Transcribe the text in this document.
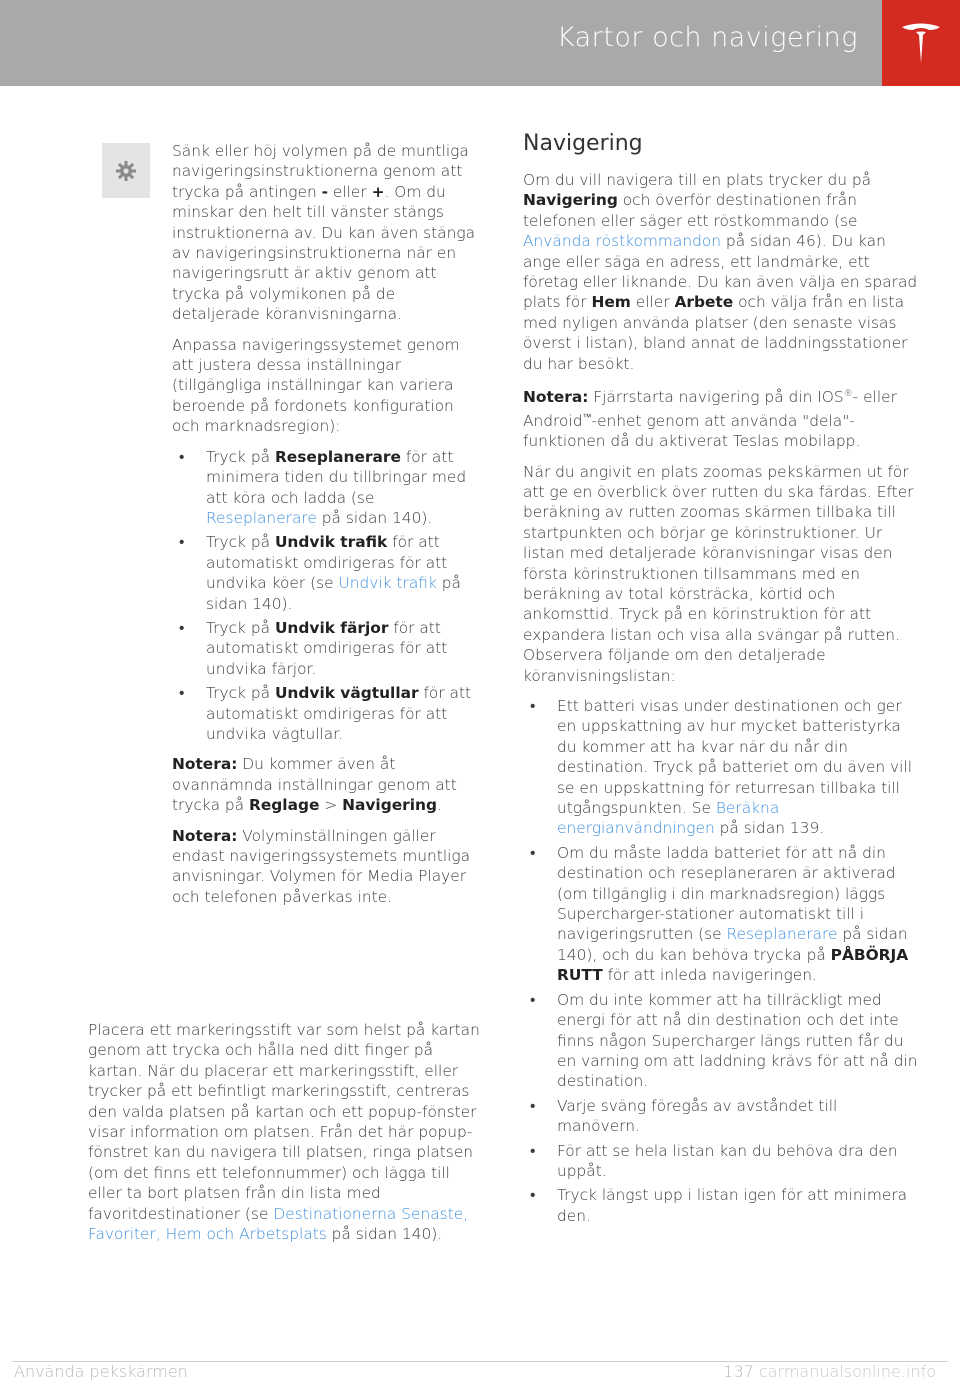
Kartor och navigering

Sänk eller höj volymen på de muntliga navigeringsinstruktionerna genom att trycka på antingen - eller +. Om du minskar den helt till vänster stängs instruktionerna av. Du kan även stänga av navigeringsinstruktionerna när en navigeringsrutt är aktiv genom att trycka på volymikonen på de detaljerade köranvisningarna.

Anpassa navigeringssystemet genom att justera dessa inställningar (tillgängliga inställningar kan variera beroende på fordonets konfiguration och marknadsregion):

• Tryck på Reseplanerare för att minimera tiden du tillbringar med att köra och ladda (se Reseplanerare på sidan 140).
• Tryck på Undvik trafik för att automatiskt omdirigeras för att undvika köer (se Undvik trafik på sidan 140).
• Tryck på Undvik färjor för att automatiskt omdirigeras för att undvika färjor.
• Tryck på Undvik vägtullar för att automatiskt omdirigeras för att undvika vägtullar.

Notera: Du kommer även åt ovannämnda inställningar genom att trycka på Reglage > Navigering.

Notera: Volyminställningen gäller endast navigeringssystemets muntliga anvisningar. Volymen för Media Player och telefonen påverkas inte.

Placera ett markeringsstift var som helst på kartan genom att trycka och hålla ned ditt finger på kartan. När du placerar ett markeringsstift, eller trycker på ett befintligt markeringsstift, centreras den valda platsen på kartan och ett popup-fönster visar information om platsen. Från det här popup-fönstret kan du navigera till platsen, ringa platsen (om det finns ett telefonnummer) och lägga till eller ta bort platsen från din lista med favoritdestinationer (se Destinationerna Senaste, Favoriter, Hem och Arbetsplats på sidan 140).

Navigering

Om du vill navigera till en plats trycker du på Navigering och överför destinationen från telefonen eller säger ett röstkommando (se Använda röstkommandon på sidan 46). Du kan ange eller säga en adress, ett landmärke, ett företag eller liknande. Du kan även välja en sparad plats för Hem eller Arbete och välja från en lista med nyligen använda platser (den senaste visas överst i listan), bland annat de laddningsstationer du har besökt.

Notera: Fjärrstarta navigering på din IOS®- eller Android™-enhet genom att använda "dela"-funktionen då du aktiverat Teslas mobilapp.

När du angivit en plats zoomas pekskärmen ut för att ge en överblick över rutten du ska färdas. Efter beräkning av rutten zoomas skärmen tillbaka till startpunkten och börjar ge körinstruktioner. Ur listan med detaljerade köranvisningar visas den första körinstruktionen tillsammans med en beräkning av total körsträcka, körtid och ankomsttid. Tryck på en körinstruktion för att expandera listan och visa alla svängar på rutten. Observera följande om den detaljerade köranvisningslistan:

• Ett batteri visas under destinationen och ger en uppskattning av hur mycket batteristyrka du kommer att ha kvar när du når din destination. Tryck på batteriet om du även vill se en uppskattning för returresan tillbaka till utgångspunkten. Se Beräkna energianvändningen på sidan 139.
• Om du måste ladda batteriet för att nå din destination och reseplaneraren är aktiverad (om tillgänglig i din marknadsregion) läggs Supercharger-stationer automatiskt till i navigeringsrutten (se Reseplanerare på sidan 140), och du kan behöva trycka på PÅBÖRJA RUTT för att inleda navigeringen.
• Om du inte kommer att ha tillräckligt med energi för att nå din destination och det inte finns någon Supercharger längs rutten får du en varning om att laddning krävs för att nå din destination.
• Varje sväng föregås av avståndet till manövern.
• För att se hela listan kan du behöva dra den uppåt.
• Tryck längst upp i listan igen för att minimera den.
Använda pekskärmen	137 carmanualsonline.info
